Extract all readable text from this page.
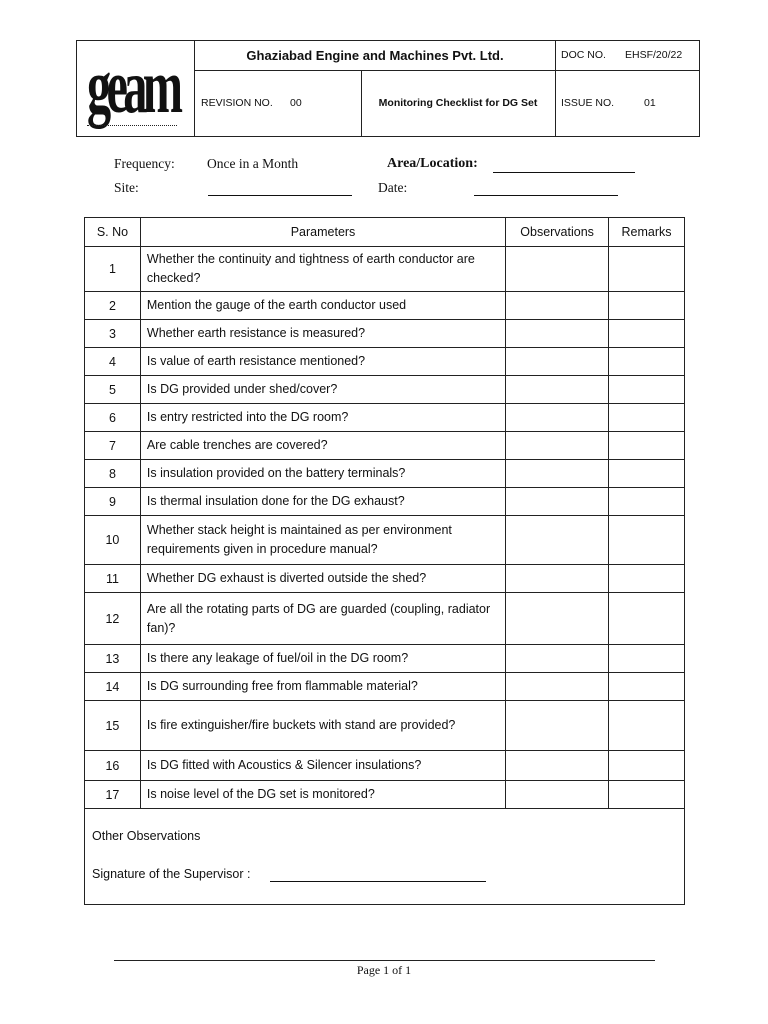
geam	Ghaziabad Engine and Machines Pvt. Ltd.	DOC NO. EHSF/20/22
REVISION NO. 00	Monitoring Checklist for DG Set	ISSUE NO.	01
Frequency: Once in a Month	Area/Location:
Site:	Date:
S. No	Parameters	Observations	Remarks
1	Whether the continuity and tightness of earth conductor are checked?		
2	Mention the gauge of the earth conductor used		
3	Whether earth resistance is measured?		
4	Is value of earth resistance mentioned?		
5	Is DG provided under shed/cover?		
6	Is entry restricted into the DG room?		
7	Are cable trenches are covered?		
8	Is insulation provided on the battery terminals?		
9	Is thermal insulation done for the DG exhaust?		
10	Whether stack height is maintained as per environment requirements given in procedure manual?		
11	Whether DG exhaust is diverted outside the shed?		
12	Are all the rotating parts of DG are guarded (coupling, radiator fan)?		
13	Is there any leakage of fuel/oil in the DG room?		
14	Is DG surrounding free from flammable material?		
15	Is fire extinguisher/fire buckets with stand are provided?		
16	Is DG fitted with Acoustics & Silencer insulations?		
17	Is noise level of the DG set is monitored?		
Other Observations
Signature of the Supervisor :
Page 1 of 1
